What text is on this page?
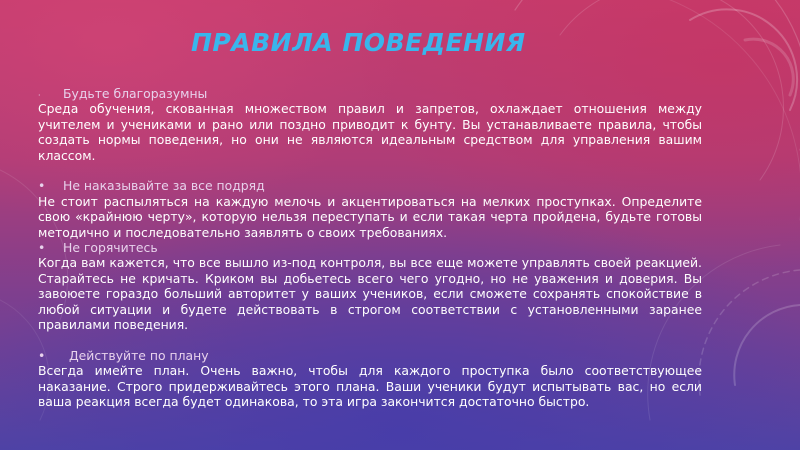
ПРАВИЛА ПОВЕДЕНИЯ
·	Будьте благоразумны

Среда обучения, скованная множеством правил и запретов, охлаждает отношения между учителем и учениками и рано или поздно приводит к бунту. Вы устанавливаете правила, чтобы создать нормы поведения, но они не являются идеальным средством для управления вашим классом.

•	Не наказывайте за все подряд

Не стоит распыляться на каждую мелочь и акцентироваться на мелких проступках. Определите свою «крайнюю черту», которую нельзя переступать и если такая черта пройдена, будьте готовы методично и последовательно заявлять о своих требованиях.

•	Не горячитесь

Когда вам кажется, что все вышло из-под контроля, вы все еще можете управлять своей реакцией. Старайтесь не кричать. Криком вы добьетесь всего чего угодно, но не уважения и доверия. Вы завоюете гораздо больший авторитет у ваших учеников, если сможете сохранять спокойствие в любой ситуации и будете действовать в строгом соответствии с установленными заранее правилами поведения.

•	Действуйте по плану

Всегда имейте план. Очень важно, чтобы для каждого проступка было соответствующее наказание. Строго придерживайтесь этого плана. Ваши ученики будут испытывать вас, но если ваша реакция всегда будет одинакова, то эта игра закончится достаточно быстро.
